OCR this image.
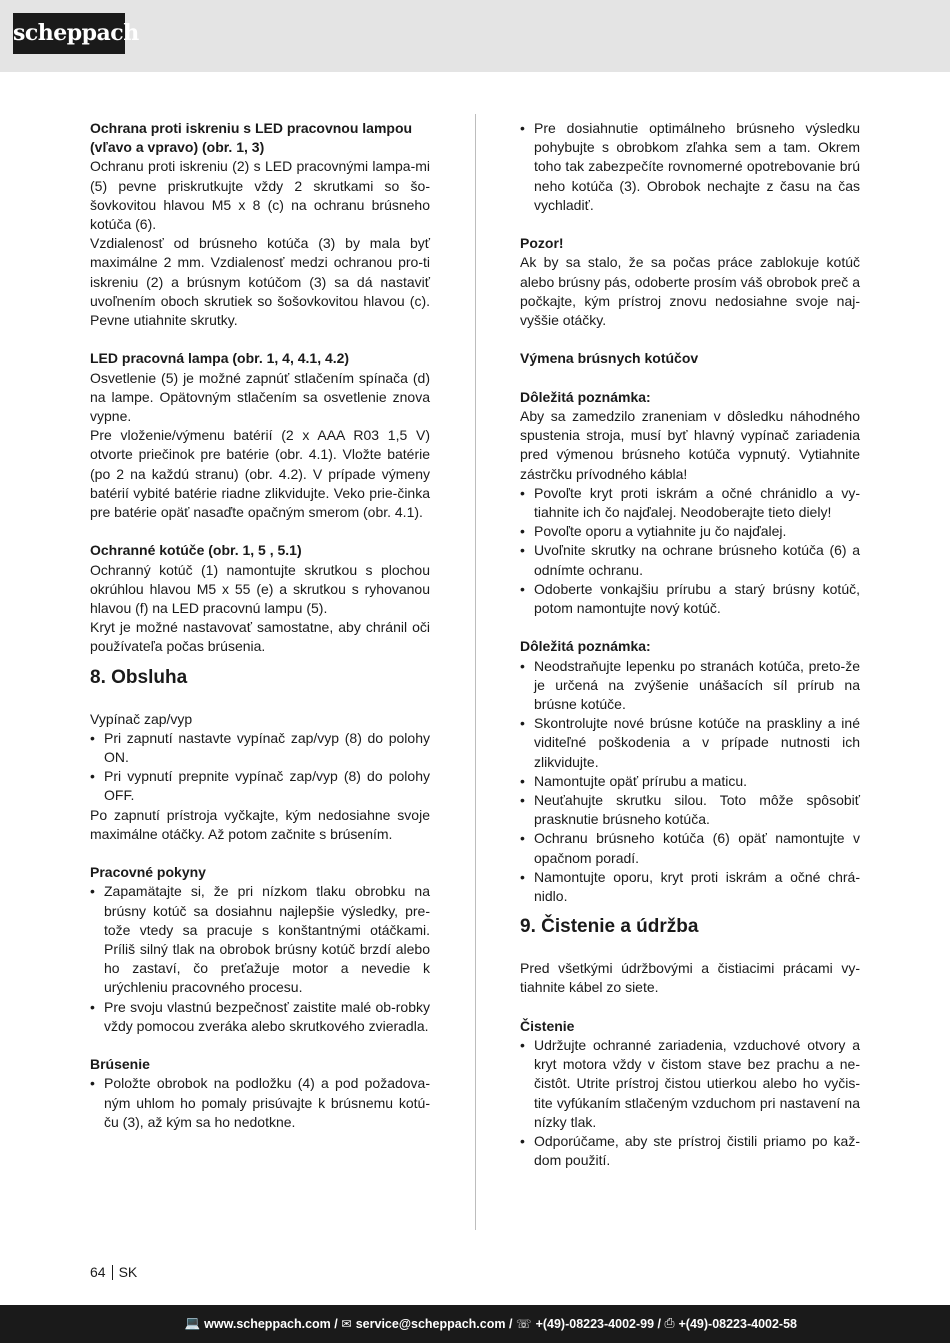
scheppach

Ochrana proti iskreniu s LED pracovnou lampou (vľavo a vpravo) (obr. 1, 3)

Ochranu proti iskreniu (2) s LED pracovnými lampa-mi (5) pevne priskrutkujte vždy 2 skrutkami so šo-šovkovitou hlavou M5 x 8 (c) na ochranu brúsneho kotúča (6).

Vzdialenosť od brúsneho kotúča (3) by mala byť maximálne 2 mm. Vzdialenosť medzi ochranou pro-ti iskreniu (2) a brúsnym kotúčom (3) sa dá nastaviť uvoľnením oboch skrutiek so šošovkovitou hlavou (c). Pevne utiahnite skrutky.

LED pracovná lampa (obr. 1, 4, 4.1, 4.2)

Osvetlenie (5) je možné zapnúť stlačením spínača (d) na lampe. Opätovným stlačením sa osvetlenie znova vypne.

Pre vloženie/výmenu batérií (2 x AAA R03 1,5 V) otvorte priečinok pre batérie (obr. 4.1). Vložte batérie (po 2 na každú stranu) (obr. 4.2). V prípade výmeny batérií vybité batérie riadne zlikvidujte. Veko prie-činka pre batérie opäť nasaďte opačným smerom (obr. 4.1).

Ochranné kotúče (obr. 1, 5 , 5.1)

Ochranný kotúč (1) namontujte skrutkou s plochou okrúhlou hlavou M5 x 55 (e) a skrutkou s ryhovanou hlavou (f) na LED pracovnú lampu (5).

Kryt je možné nastavovať samostatne, aby chránil oči používateľa počas brúsenia.

8. Obsluha

Vypínač zap/vyp

• Pri zapnutí nastavte vypínač zap/vyp (8) do polohy ON.
• Pri vypnutí prepnite vypínač zap/vyp (8) do polohy OFF.

Po zapnutí prístroja vyčkajte, kým nedosiahne svoje maximálne otáčky. Až potom začnite s brúsením.

Pracovné pokyny

• Zapamätajte si, že pri nízkom tlaku obrobku na brúsny kotúč sa dosiahnu najlepšie výsledky, pre-tože vtedy sa pracuje s konštantnými otáčkami. Príliš silný tlak na obrobok brúsny kotúč brzdí alebo ho zastaví, čo preťažuje motor a nevedie k urýchleniu pracovného procesu.
• Pre svoju vlastnú bezpečnosť zaistite malé ob-robky vždy pomocou zveráka alebo skrutkového zvieradla.

Brúsenie

• Položte obrobok na podložku (4) a pod požadova-ným uhlom ho pomaly prisúvajte k brúsnemu kotú-ču (3), až kým sa ho nedotkne.
• Pre dosiahnutie optimálneho brúsneho výsledku pohybujte s obrobkom zľahka sem a tam. Okrem toho tak zabezpečíte rovnomerné opotrebovanie brú neho kotúča (3). Obrobok nechajte z času na čas vychladiť.

Pozor!

Ak by sa stalo, že sa počas práce zablokuje kotúč alebo brúsny pás, odoberte prosím váš obrobok preč a počkajte, kým prístroj znovu nedosiahne svoje naj-vyššie otáčky.

Výmena brúsnych kotúčov

Dôležitá poznámka:

Aby sa zamedzilo zraneniam v dôsledku náhodného spustenia stroja, musí byť hlavný vypínač zariadenia pred výmenou brúsneho kotúča vypnutý. Vytiahnite zástrčku prívodného kábla!

• Povoľte kryt proti iskrám a očné chránidlo a vy-tiahnite ich čo najďalej. Neodoberajte tieto diely!
• Povoľte oporu a vytiahnite ju čo najďalej.
• Uvoľnite skrutky na ochrane brúsneho kotúča (6) a odnímte ochranu.
• Odoberte vonkajšiu prírubu a starý brúsny kotúč, potom namontujte nový kotúč.

Dôležitá poznámka:

• Neodstraňujte lepenku po stranách kotúča, preto-že je určená na zvýšenie unášacích síl prírub na brúsne kotúče.
• Skontrolujte nové brúsne kotúče na praskliny a iné viditeľné poškodenia a v prípade nutnosti ich zlikvidujte.
• Namontujte opäť prírubu a maticu.
• Neuťahujte skrutku silou. Toto môže spôsobiť prasknutie brúsneho kotúča.
• Ochranu brúsneho kotúča (6) opäť namontujte v opačnom poradí.
• Namontujte oporu, kryt proti iskrám a očné chrá-nidlo.
9. Čistenie a údržba

Pred všetkými údržbovými a čistiacimi prácami vy-tiahnite kábel zo siete.

Čistenie

• Udržujte ochranné zariadenia, vzduchové otvory a kryt motora vždy v čistom stave bez prachu a ne-čistôt. Utrite prístroj čistou utierkou alebo ho vyčis-tite vyfúkaním stlačeným vzduchom pri nastavení na nízky tlak.
• Odporúčame, aby ste prístroj čistili priamo po kaž-dom použití.
64 SK
💻 www.scheppach.com /
✉ service@scheppach.com /
☏ +(49)-08223-4002-99 /
⎙ +(49)-08223-4002-58
